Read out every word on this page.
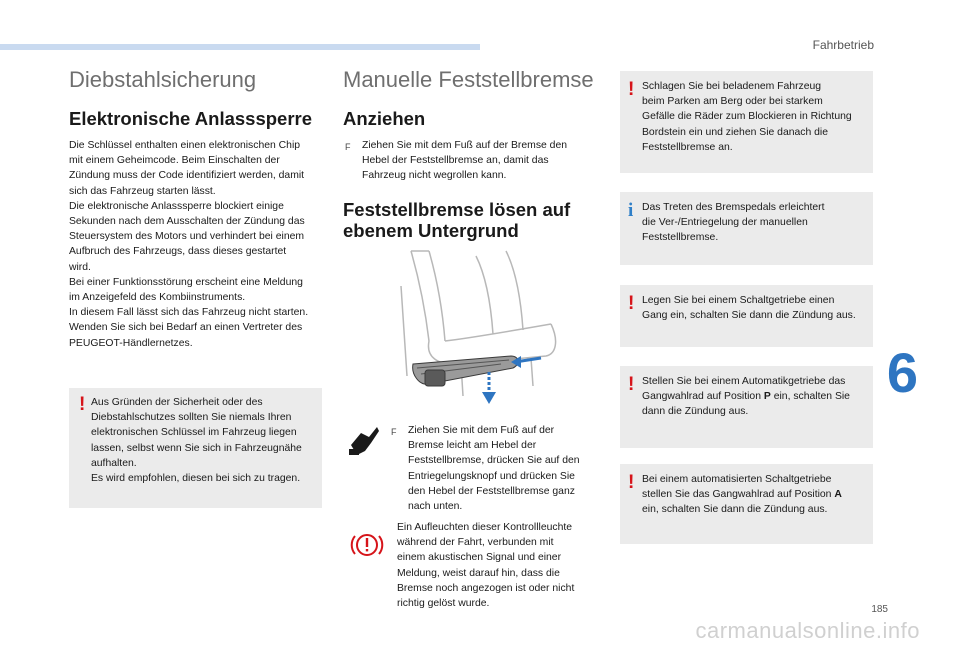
Fahrbetrieb
Diebstahlsicherung
Elektronische Anlasssperre
Die Schlüssel enthalten einen elektronischen Chip
mit einem Geheimcode. Beim Einschalten der
Zündung muss der Code identifiziert werden, damit
sich das Fahrzeug starten lässt.
Die elektronische Anlasssperre blockiert einige
Sekunden nach dem Ausschalten der Zündung das
Steuersystem des Motors und verhindert bei einem
Aufbruch des Fahrzeugs, dass dieses gestartet
wird.
Bei einer Funktionsstörung erscheint eine Meldung
im Anzeigefeld des Kombiinstruments.
In diesem Fall lässt sich das Fahrzeug nicht starten.
Wenden Sie sich bei Bedarf an einen Vertreter des
PEUGEOT-Händlernetzes.
! Aus Gründen der Sicherheit oder des
Diebstahlschutzes sollten Sie niemals Ihren
elektronischen Schlüssel im Fahrzeug liegen
lassen, selbst wenn Sie sich in Fahrzeugnähe
aufhalten.
Es wird empfohlen, diesen bei sich zu tragen.
Manuelle Feststellbremse
Anziehen
F Ziehen Sie mit dem Fuß auf der Bremse den
Hebel der Feststellbremse an, damit das
Fahrzeug nicht wegrollen kann.
Feststellbremse lösen auf
ebenem Untergrund
F Ziehen Sie mit dem Fuß auf der
Bremse leicht am Hebel der
Feststellbremse, drücken Sie auf den
Entriegelungsknopf und drücken Sie
den Hebel der Feststellbremse ganz
nach unten.
Ein Aufleuchten dieser Kontrollleuchte
während der Fahrt, verbunden mit
einem akustischen Signal und einer
Meldung, weist darauf hin, dass die
Bremse noch angezogen ist oder nicht
richtig gelöst wurde.
! Schlagen Sie bei beladenem Fahrzeug
beim Parken am Berg oder bei starkem
Gefälle die Räder zum Blockieren in Richtung
Bordstein ein und ziehen Sie danach die
Feststellbremse an.
i Das Treten des Bremspedals erleichtert
die Ver-/Entriegelung der manuellen
Feststellbremse.
! Legen Sie bei einem Schaltgetriebe einen
Gang ein, schalten Sie dann die Zündung aus.
! Stellen Sie bei einem Automatikgetriebe das
Gangwahlrad auf Position P ein, schalten Sie
dann die Zündung aus.
! Bei einem automatisierten Schaltgetriebe
stellen Sie das Gangwahlrad auf Position A
ein, schalten Sie dann die Zündung aus.
6
185
carmanualsonline.info
